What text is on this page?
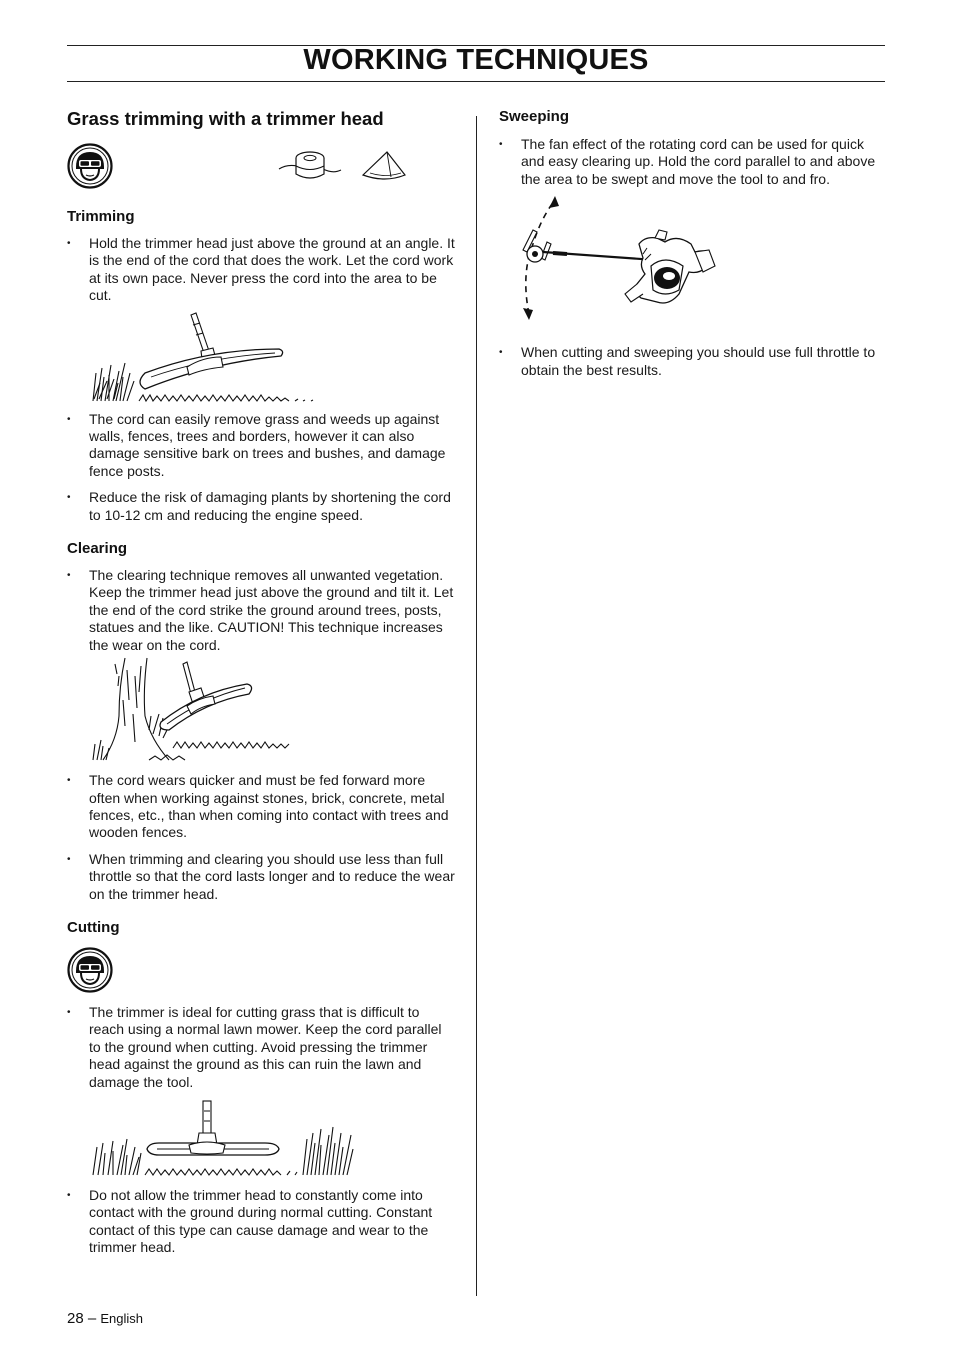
WORKING TECHNIQUES
Grass trimming with a trimmer head
Trimming
• Hold the trimmer head just above the ground at an angle. It is the end of the cord that does the work. Let the cord work at its own pace. Never press the cord into the area to be cut.
• The cord can easily remove grass and weeds up against walls, fences, trees and borders, however it can also damage sensitive bark on trees and bushes, and damage fence posts.
• Reduce the risk of damaging plants by shortening the cord to 10-12 cm and reducing the engine speed.
Clearing
• The clearing technique removes all unwanted vegetation. Keep the trimmer head just above the ground and tilt it. Let the end of the cord strike the ground around trees, posts, statues and the like. CAUTION! This technique increases the wear on the cord.
• The cord wears quicker and must be fed forward more often when working against stones, brick, concrete, metal fences, etc., than when coming into contact with trees and wooden fences.
• When trimming and clearing you should use less than full throttle so that the cord lasts longer and to reduce the wear on the trimmer head.
Cutting
• The trimmer is ideal for cutting grass that is difficult to reach using a normal lawn mower. Keep the cord parallel to the ground when cutting. Avoid pressing the trimmer head against the ground as this can ruin the lawn and damage the tool.
• Do not allow the trimmer head to constantly come into contact with the ground during normal cutting. Constant contact of this type can cause damage and wear to the trimmer head.
Sweeping
• The fan effect of the rotating cord can be used for quick and easy clearing up. Hold the cord parallel to and above the area to be swept and move the tool to and fro.
• When cutting and sweeping you should use full throttle to obtain the best results.
28 – English
